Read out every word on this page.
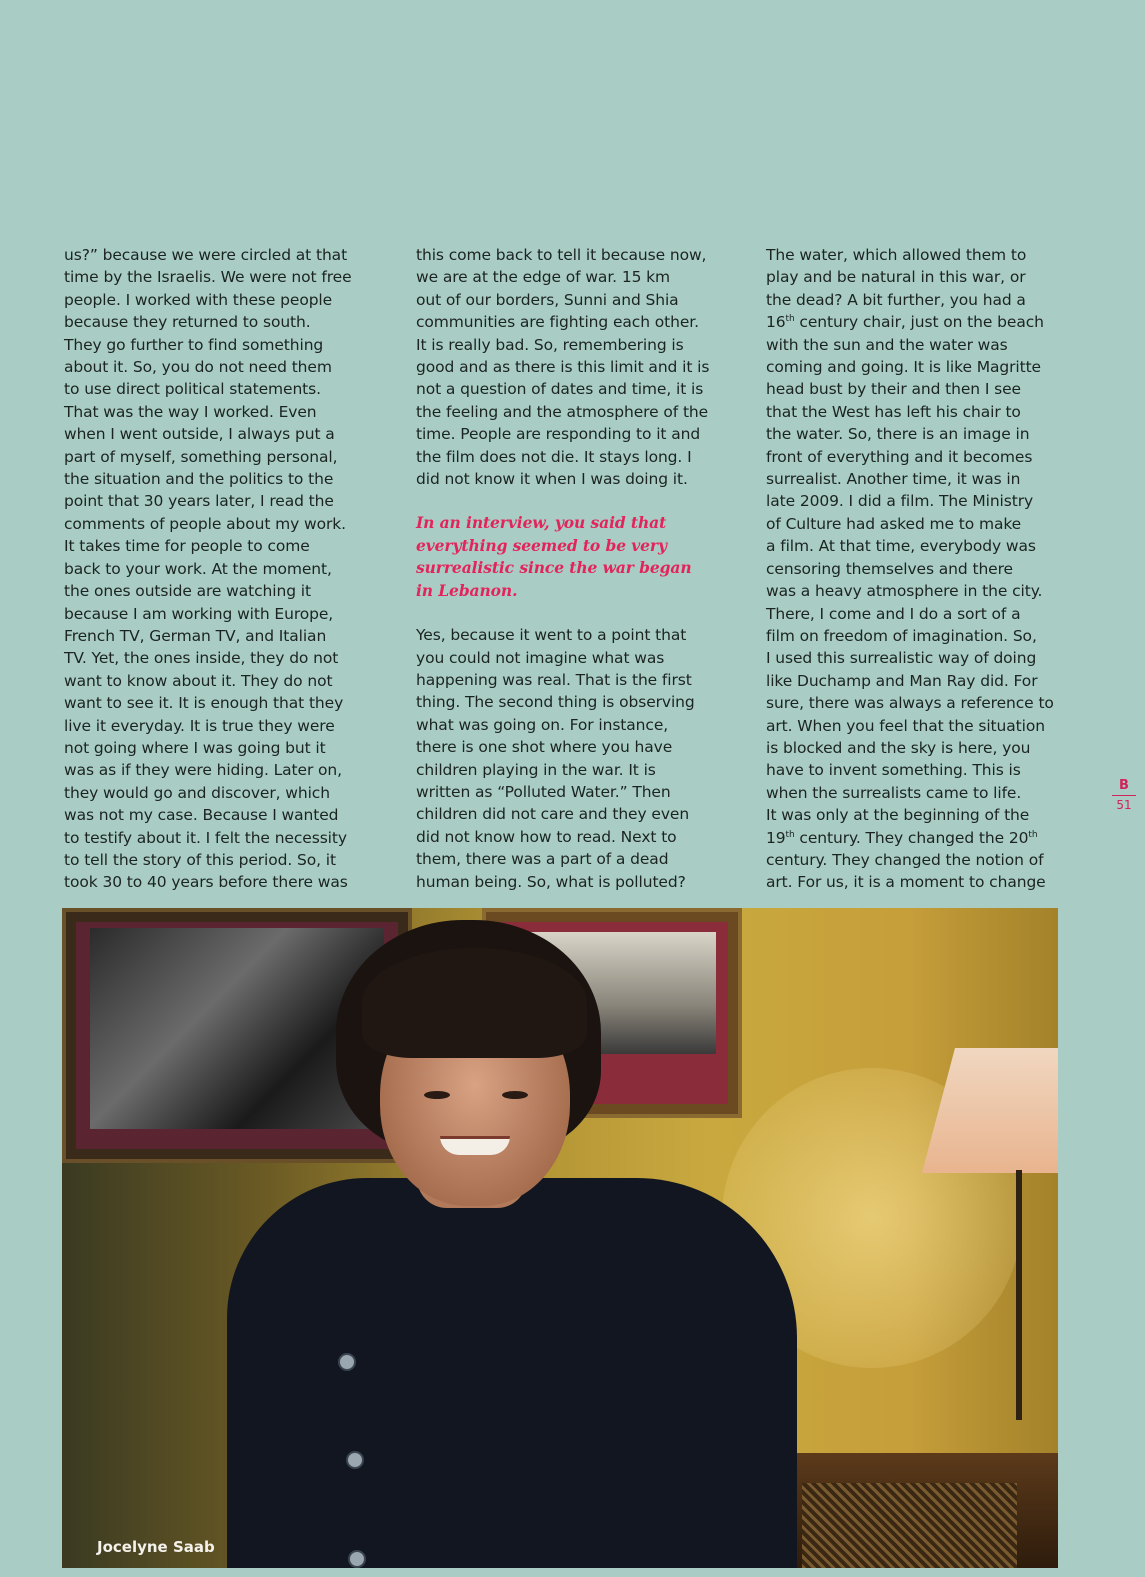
us?” because we were circled at that

time by the Israelis. We were not free

people. I worked with these people

because they returned to south.

They go further to find something

about it. So, you do not need them

to use direct political statements.

That was the way I worked. Even

when I went outside, I always put a

part of myself, something personal,

the situation and the politics to the

point that 30 years later, I read the

comments of people about my work.

It takes time for people to come

back to your work. At the moment,

the ones outside are watching it

because I am working with Europe,

French TV, German TV, and Italian

TV. Yet, the ones inside, they do not

want to know about it. They do not

want to see it. It is enough that they

live it everyday. It is true they were

not going where I was going but it

was as if they were hiding. Later on,

they would go and discover, which

was not my case. Because I wanted

to testify about it. I felt the necessity

to tell the story of this period. So, it

took 30 to 40 years before there was

this come back to tell it because now,

we are at the edge of war. 15 km

out of our borders, Sunni and Shia

communities are fighting each other.

It is really bad. So, remembering is

good and as there is this limit and it is

not a question of dates and time, it is

the feeling and the atmosphere of the

time. People are responding to it and

the film does not die. It stays long. I

did not know it when I was doing it.

In an interview, you said that

everything seemed to be very

surrealistic since the war began

in Lebanon.

Yes, because it went to a point that

you could not imagine what was

happening was real. That is the first

thing. The second thing is observing

what was going on. For instance,

there is one shot where you have

children playing in the war. It is

written as “Polluted Water.” Then

children did not care and they even

did not know how to read. Next to

them, there was a part of a dead

human being. So, what is polluted?

The water, which allowed them to

play and be natural in this war, or

the dead? A bit further, you had a

16th century chair, just on the beach

with the sun and the water was

coming and going. It is like Magritte

head bust by their and then I see

that the West has left his chair to

the water. So, there is an image in

front of everything and it becomes

surrealist. Another time, it was in

late 2009. I did a film. The Ministry

of Culture had asked me to make

a film. At that time, everybody was

censoring themselves and there

was a heavy atmosphere in the city.

There, I come and I do a sort of a

film on freedom of imagination. So,

I used this surrealistic way of doing

like Duchamp and Man Ray did. For

sure, there was always a reference to

art. When you feel that the situation

is blocked and the sky is here, you

have to invent something. This is

when the surrealists came to life.

It was only at the beginning of the

19th century. They changed the 20th

century. They changed the notion of

art. For us, it is a moment to change

B
51
Jocelyne Saab
